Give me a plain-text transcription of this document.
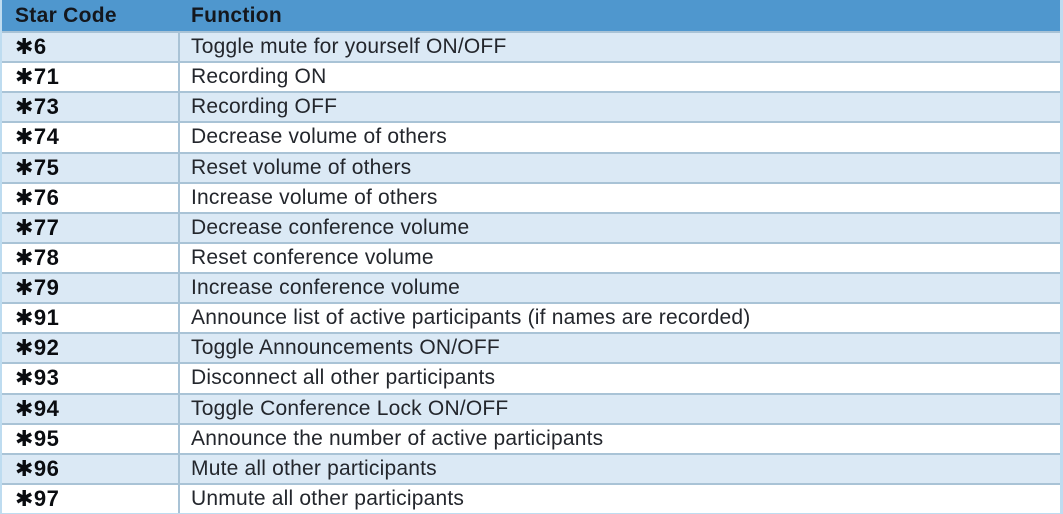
Star Code	Function
✱6	Toggle mute for yourself ON/OFF
✱71	Recording ON
✱73	Recording OFF
✱74	Decrease volume of others
✱75	Reset volume of others
✱76	Increase volume of others
✱77	Decrease conference volume
✱78	Reset conference volume
✱79	Increase conference volume
✱91	Announce list of active participants (if names are recorded)
✱92	Toggle Announcements ON/OFF
✱93	Disconnect all other participants
✱94	Toggle Conference Lock ON/OFF
✱95	Announce the number of active participants
✱96	Mute all other participants
✱97	Unmute all other participants
